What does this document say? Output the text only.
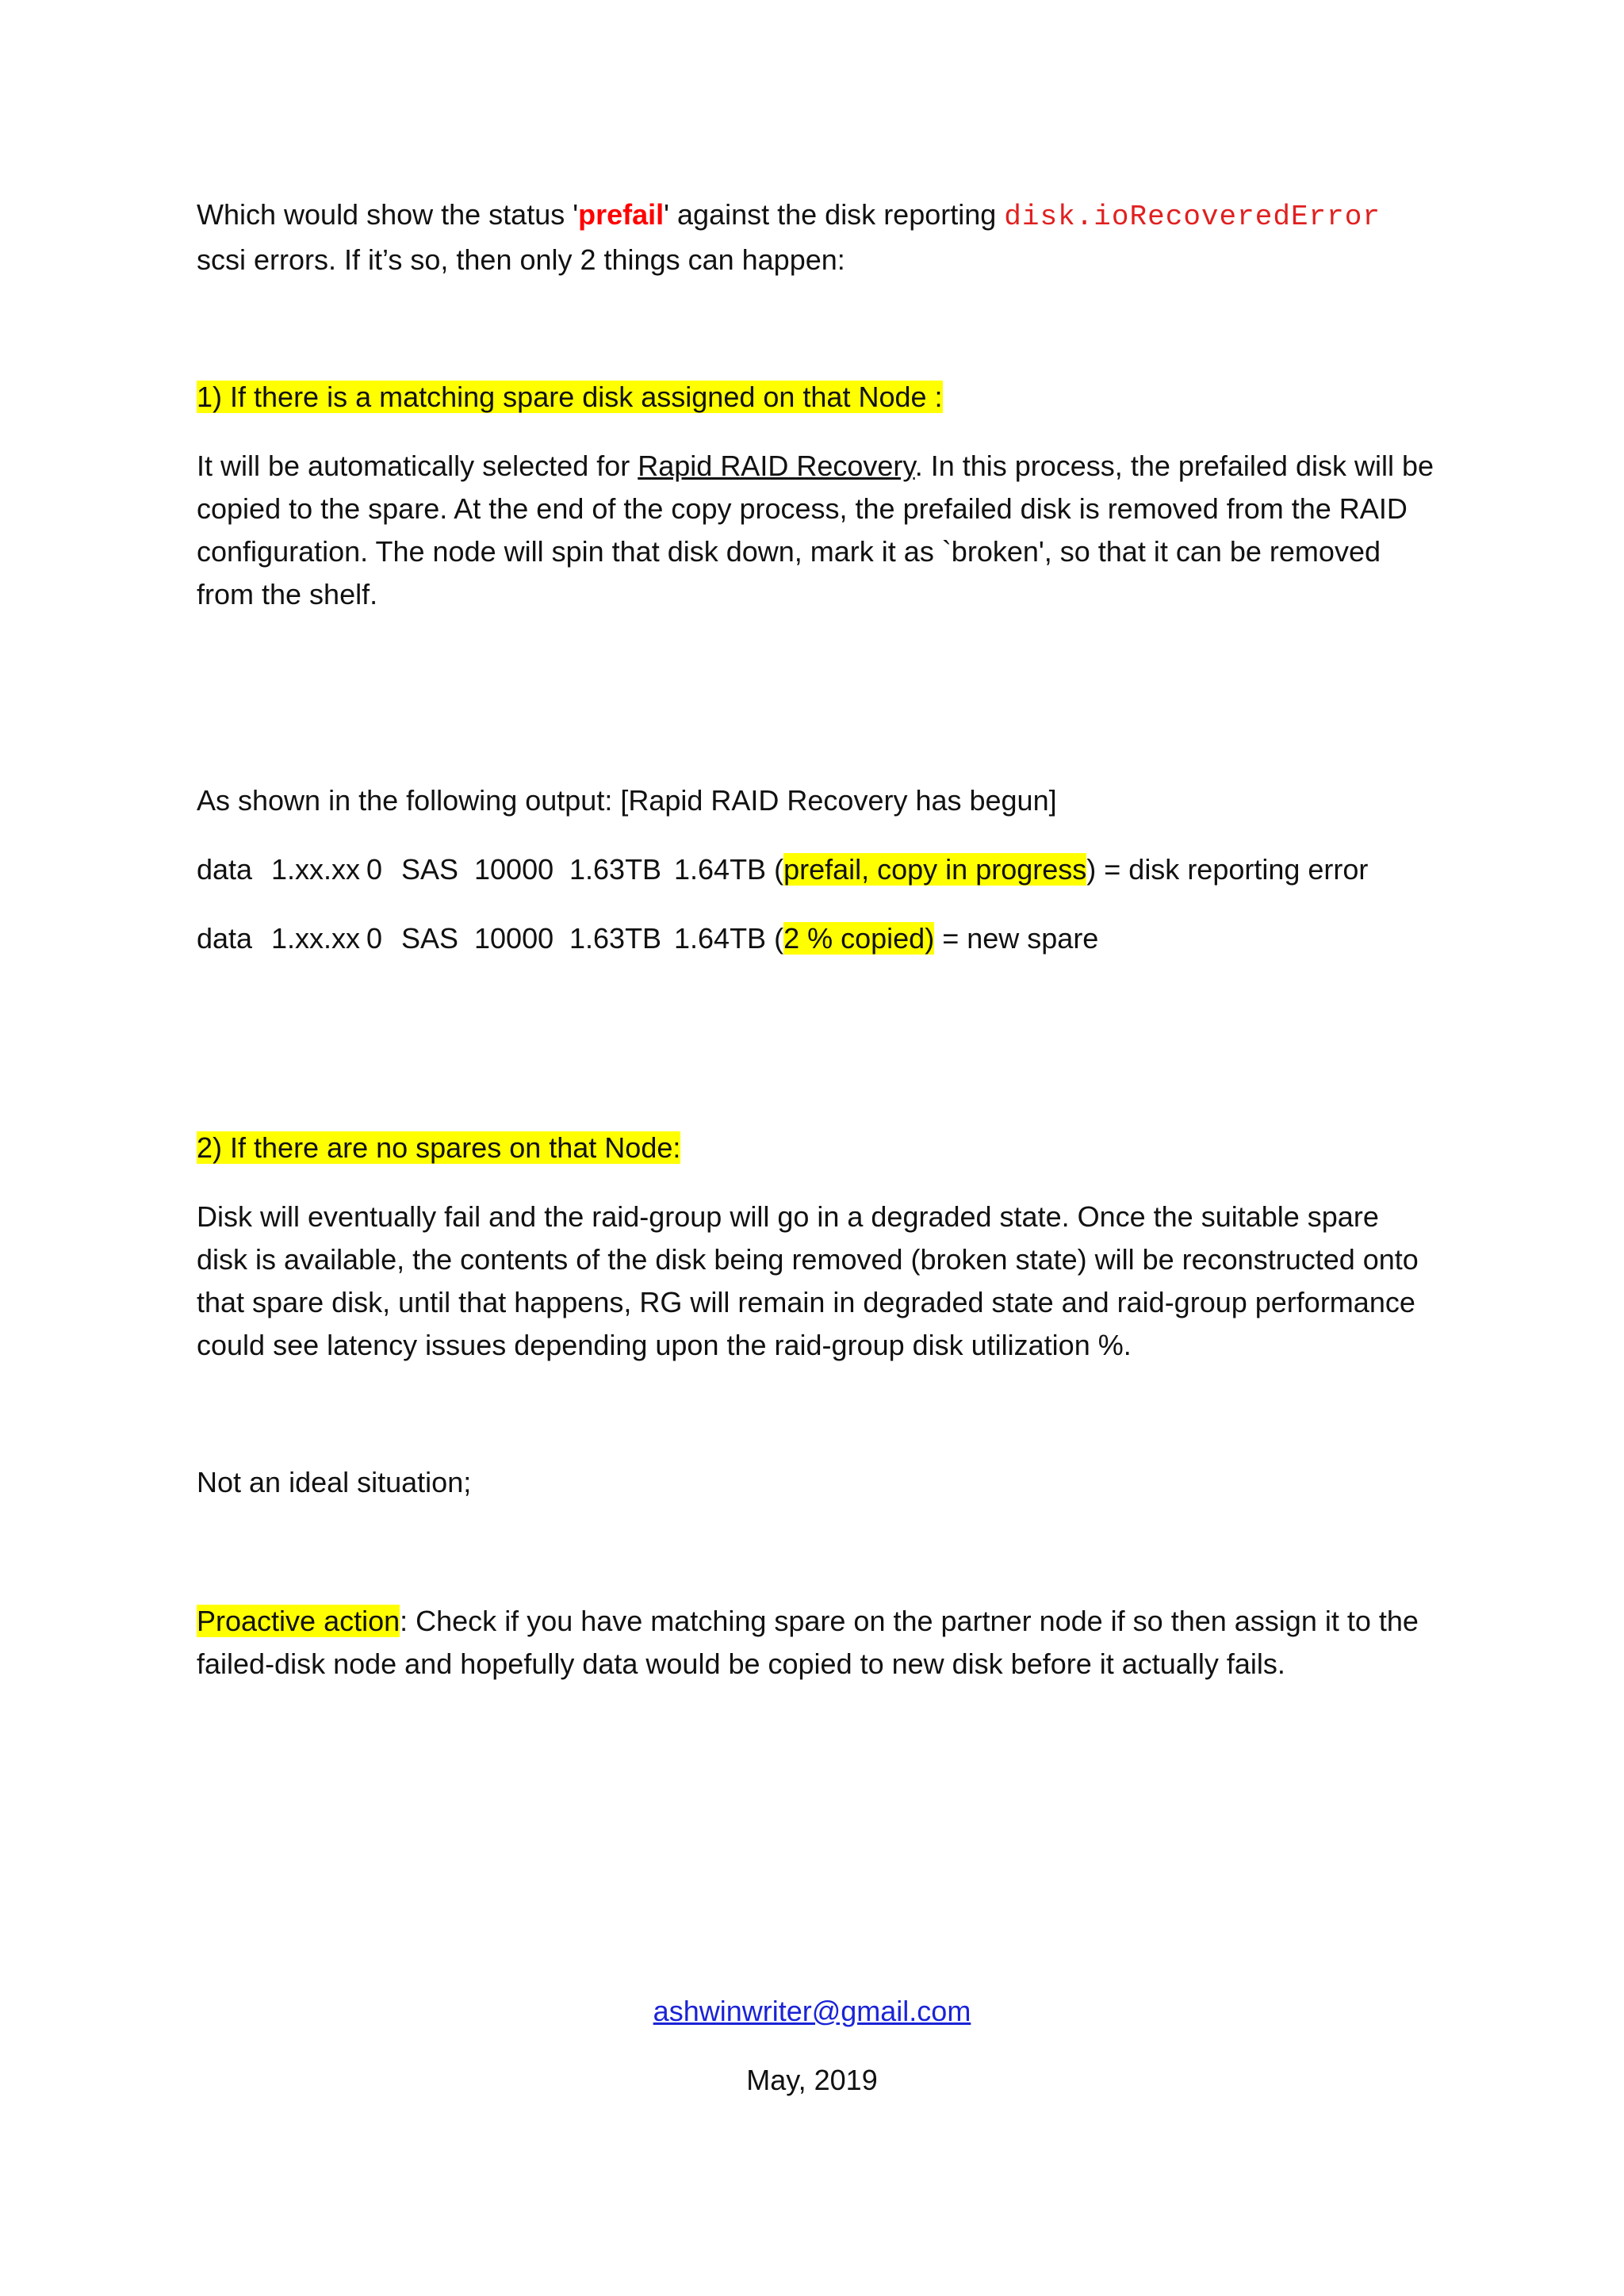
Which would show the status 'prefail' against the disk reporting disk.ioRecoveredError scsi errors. If it’s so, then only 2 things can happen:

1) If there is a matching spare disk assigned on that Node :

It will be automatically selected for Rapid RAID Recovery. In this process, the prefailed disk will be copied to the spare. At the end of the copy process, the prefailed disk is removed from the RAID configuration. The node will spin that disk down, mark it as `broken', so that it can be removed from the shelf.

As shown in the following output: [Rapid RAID Recovery has begun]

data 1.xx.xx 0 SAS 10000 1.63TB 1.64TB (prefail, copy in progress) = disk reporting error
data 1.xx.xx 0 SAS 10000 1.63TB 1.64TB (2 % copied) = new spare

2) If there are no spares on that Node:

Disk will eventually fail and the raid-group will go in a degraded state. Once the suitable spare disk is available, the contents of the disk being removed (broken state) will be reconstructed onto that spare disk, until that happens, RG will remain in degraded state and raid-group performance could see latency issues depending upon the raid-group disk utilization %.

Not an ideal situation;

Proactive action: Check if you have matching spare on the partner node if so then assign it to the failed-disk node and hopefully data would be copied to new disk before it actually fails.

ashwinwriter@gmail.com
May, 2019
